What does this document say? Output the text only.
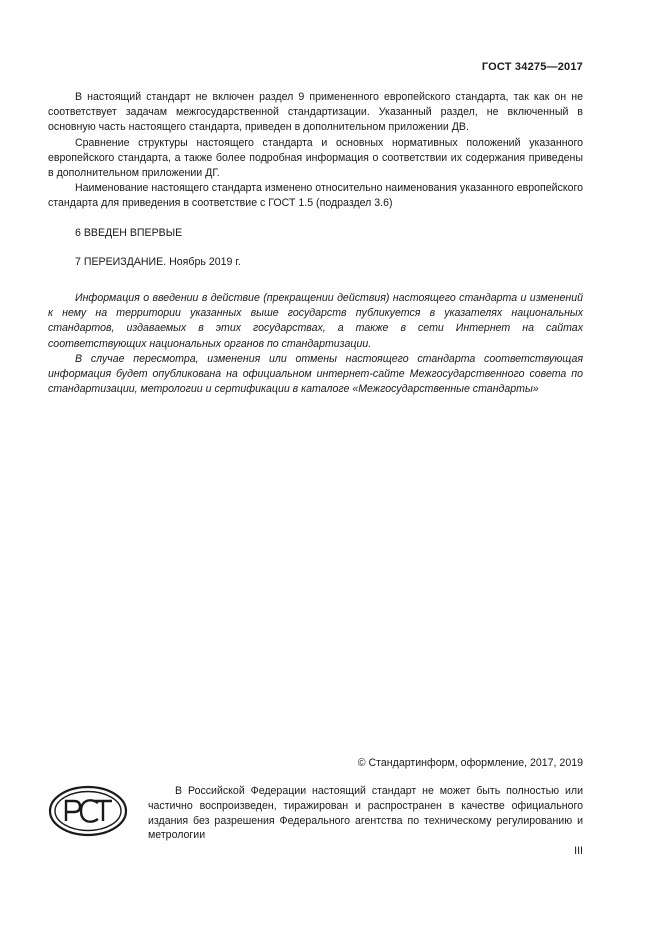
ГОСТ 34275—2017

В настоящий стандарт не включен раздел 9 примененного европейского стандарта, так как он не соответствует задачам межгосударственной стандартизации. Указанный раздел, не включенный в основную часть настоящего стандарта, приведен в дополнительном приложении ДВ.

Сравнение структуры настоящего стандарта и основных нормативных положений указанного европейского стандарта, а также более подробная информация о соответствии их содержания приведены в дополнительном приложении ДГ.

Наименование настоящего стандарта изменено относительно наименования указанного европейского стандарта для приведения в соответствие с ГОСТ 1.5 (подраздел 3.6)

6 ВВЕДЕН ВПЕРВЫЕ

7 ПЕРЕИЗДАНИЕ. Ноябрь 2019 г.

Информация о введении в действие (прекращении действия) настоящего стандарта и изменений к нему на территории указанных выше государств публикуется в указателях национальных стандартов, издаваемых в этих государствах, а также в сети Интернет на сайтах соответствующих национальных органов по стандартизации.

В случае пересмотра, изменения или отмены настоящего стандарта соответствующая информация будет опубликована на официальном интернет-сайте Межгосударственного совета по стандартизации, метрологии и сертификации в каталоге «Межгосударственные стандарты»

© Стандартинформ, оформление, 2017, 2019

В Российской Федерации настоящий стандарт не может быть полностью или частично воспроизведен, тиражирован и распространен в качестве официального издания без разрешения Федерального агентства по техническому регулированию и метрологии

III
